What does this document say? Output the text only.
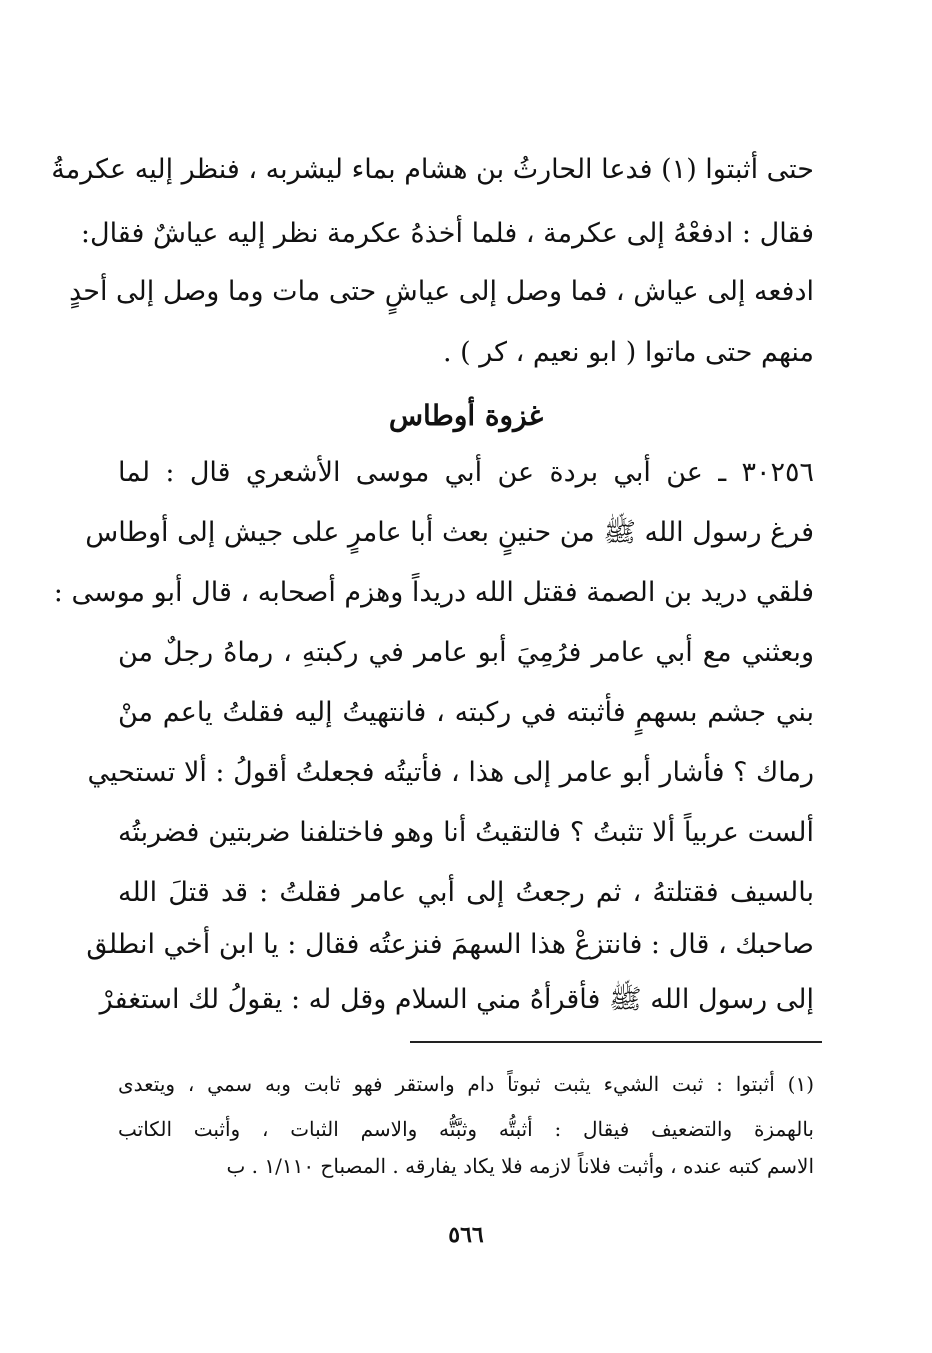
حتى أثبتوا (١) فدعا الحارثُ بن هشام بماء ليشربه ، فنظر إليه عكرمةُ
فقال : ادفعْهُ إلى عكرمة ، فلما أخذهُ عكرمة نظر إليه عياشٌ فقال:
ادفعه إلى عياش ، فما وصل إلى عياشٍ حتى مات وما وصل إلى أحدٍ
منهم حتى ماتوا ( ابو نعيم ، كر ) .
غزوة أوطاس
٣٠٢٥٦ ـ عن أبي بردة عن أبي موسى الأشعري قال : لما
فرغ رسول الله ﷺ من حنينٍ بعث أبا عامرٍ على جيش إلى أوطاس
فلقي دريد بن الصمة فقتل الله دريداً وهزم أصحابه ، قال أبو موسى :
وبعثني مع أبي عامر فرُمِيَ أبو عامر في ركبتهِ ، رماهُ رجلٌ من
بني جشم بسهمٍ فأثبته في ركبته ، فانتهيتُ إليه فقلتُ ياعم منْ
رماك ؟ فأشار أبو عامر إلى هذا ، فأتيتُه فجعلتُ أقولُ : ألا تستحيي
ألست عربياً ألا تثبتُ ؟ فالتقيتُ أنا وهو فاختلفنا ضربتين فضربتُه
بالسيف فقتلتهُ ، ثم رجعتُ إلى أبي عامر فقلتُ : قد قتلَ الله
صاحبك ، قال : فانتزعْ هذا السهمَ فنزعتُه فقال : يا ابن أخي انطلق
إلى رسول الله ﷺ فأقرأهُ مني السلام وقل له : يقولُ لك استغفرْ
(١) أثبتوا : ثبت الشيء يثبت ثبوتاً دام واستقر فهو ثابت وبه سمي ، ويتعدى
بالهمزة والتضعيف فيقال : أثبتُّه وثبَّتُّه والاسم الثبات ، وأثبت الكاتب
الاسم كتبه عنده ، وأثبت فلاناً لازمه فلا يكاد يفارقه . المصباح ١/١١٠ . ب
٥٦٦
